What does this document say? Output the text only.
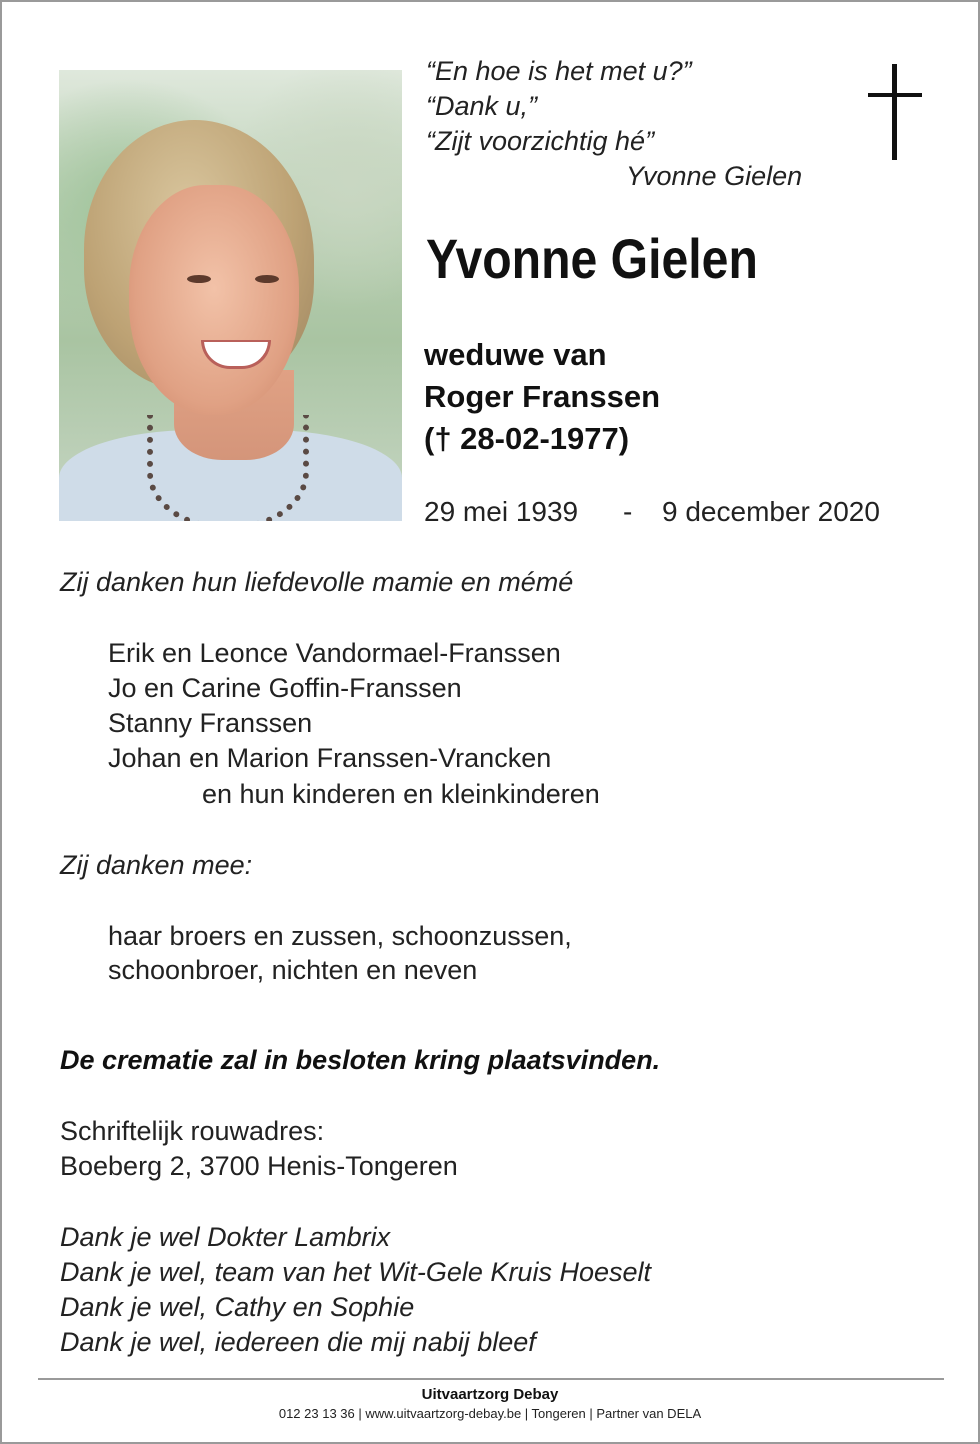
“En hoe is het met u?”
“Dank u,”
“Zijt voorzichtig hé”
Yvonne Gielen
Yvonne Gielen
weduwe van
Roger Franssen
(† 28-02-1977)
29 mei 1939 - 9 december 2020
Zij danken hun liefdevolle mamie en mémé
Erik en Leonce Vandormael-Franssen
Jo en Carine Goffin-Franssen
Stanny Franssen
Johan en Marion Franssen-Vrancken
en hun kinderen en kleinkinderen
Zij danken mee:
haar broers en zussen, schoonzussen,
schoonbroer, nichten en neven
De crematie zal in besloten kring plaatsvinden.
Schriftelijk rouwadres:
Boeberg 2, 3700 Henis-Tongeren
Dank je wel Dokter Lambrix
Dank je wel, team van het Wit-Gele Kruis Hoeselt
Dank je wel, Cathy en Sophie
Dank je wel, iedereen die mij nabij bleef
Uitvaartzorg Debay
012 23 13 36 | www.uitvaartzorg-debay.be | Tongeren | Partner van DELA
